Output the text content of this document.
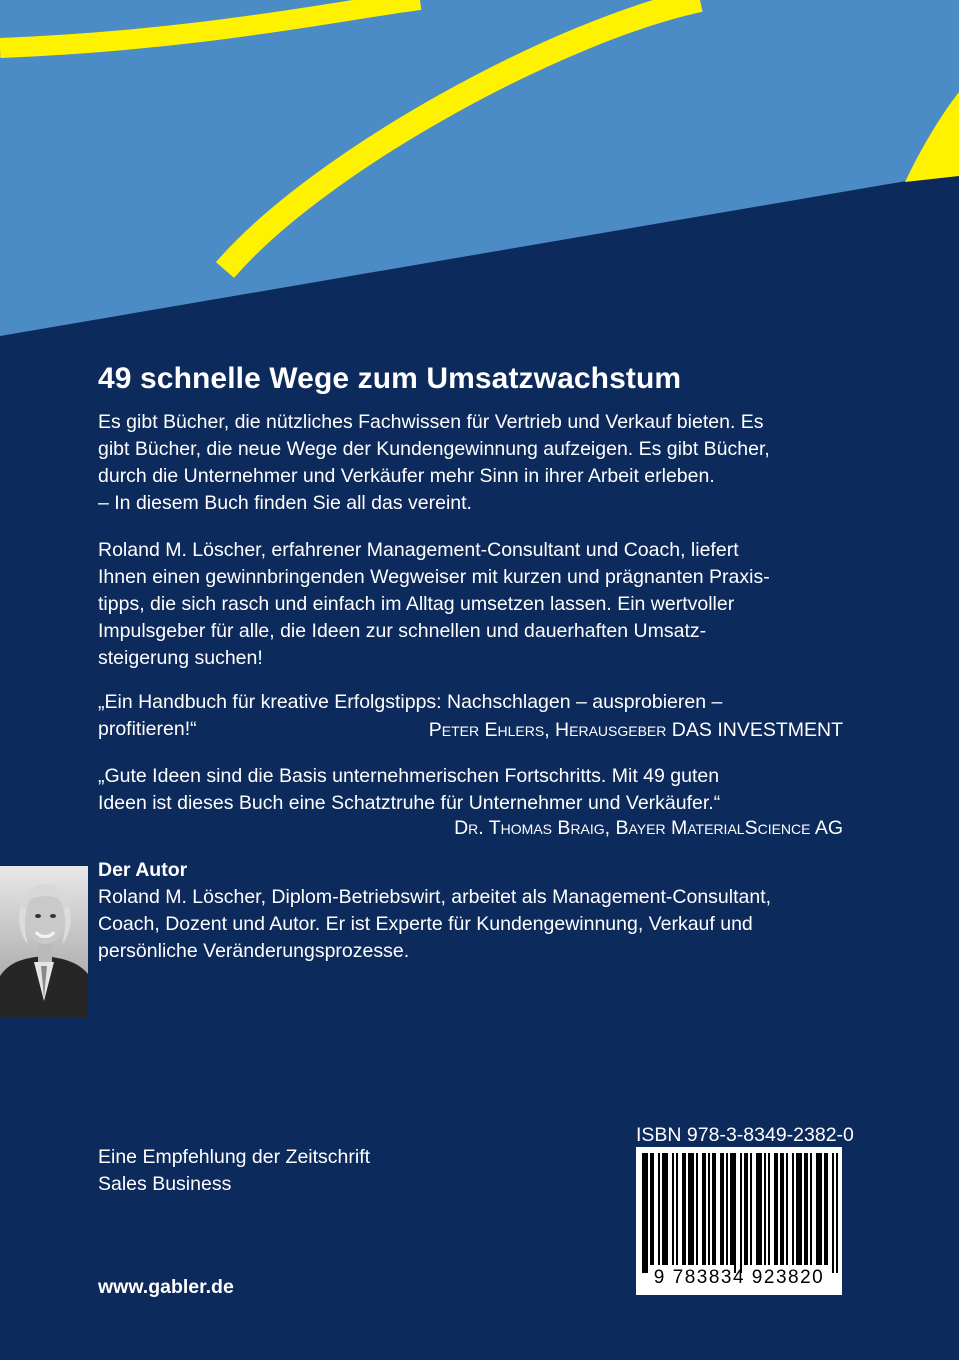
49 schnelle Wege zum Umsatzwachstum

Es gibt Bücher, die nützliches Fachwissen für Vertrieb und Verkauf bieten. Es

gibt Bücher, die neue Wege der Kundengewinnung aufzeigen. Es gibt Bücher,

durch die Unternehmer und Verkäufer mehr Sinn in ihrer Arbeit erleben.

– In diesem Buch finden Sie all das vereint.

Roland M. Löscher, erfahrener Management-Consultant und Coach, liefert

Ihnen einen gewinnbringenden Wegweiser mit kurzen und prägnanten Praxis-

tipps, die sich rasch und einfach im Alltag umsetzen lassen. Ein wertvoller

Impulsgeber für alle, die Ideen zur schnellen und dauerhaften Umsatz-

steigerung suchen!

„Ein Handbuch für kreative Erfolgstipps: Nachschlagen – ausprobieren –

profitieren!“	Peter Ehlers, Herausgeber DAS INVESTMENT

„Gute Ideen sind die Basis unternehmerischen Fortschritts. Mit 49 guten

Ideen ist dieses Buch eine Schatztruhe für Unternehmer und Verkäufer.“

Dr. Thomas Braig, Bayer MaterialScience AG

Der Autor

Roland M. Löscher, Diplom-Betriebswirt, arbeitet als Management-Consultant,

Coach, Dozent und Autor. Er ist Experte für Kundengewinnung, Verkauf und

persönliche Veränderungsprozesse.

Eine Empfehlung der Zeitschrift

Sales Business

www.gabler.de
ISBN 978-3-8349-2382-0
9 783834 923820
